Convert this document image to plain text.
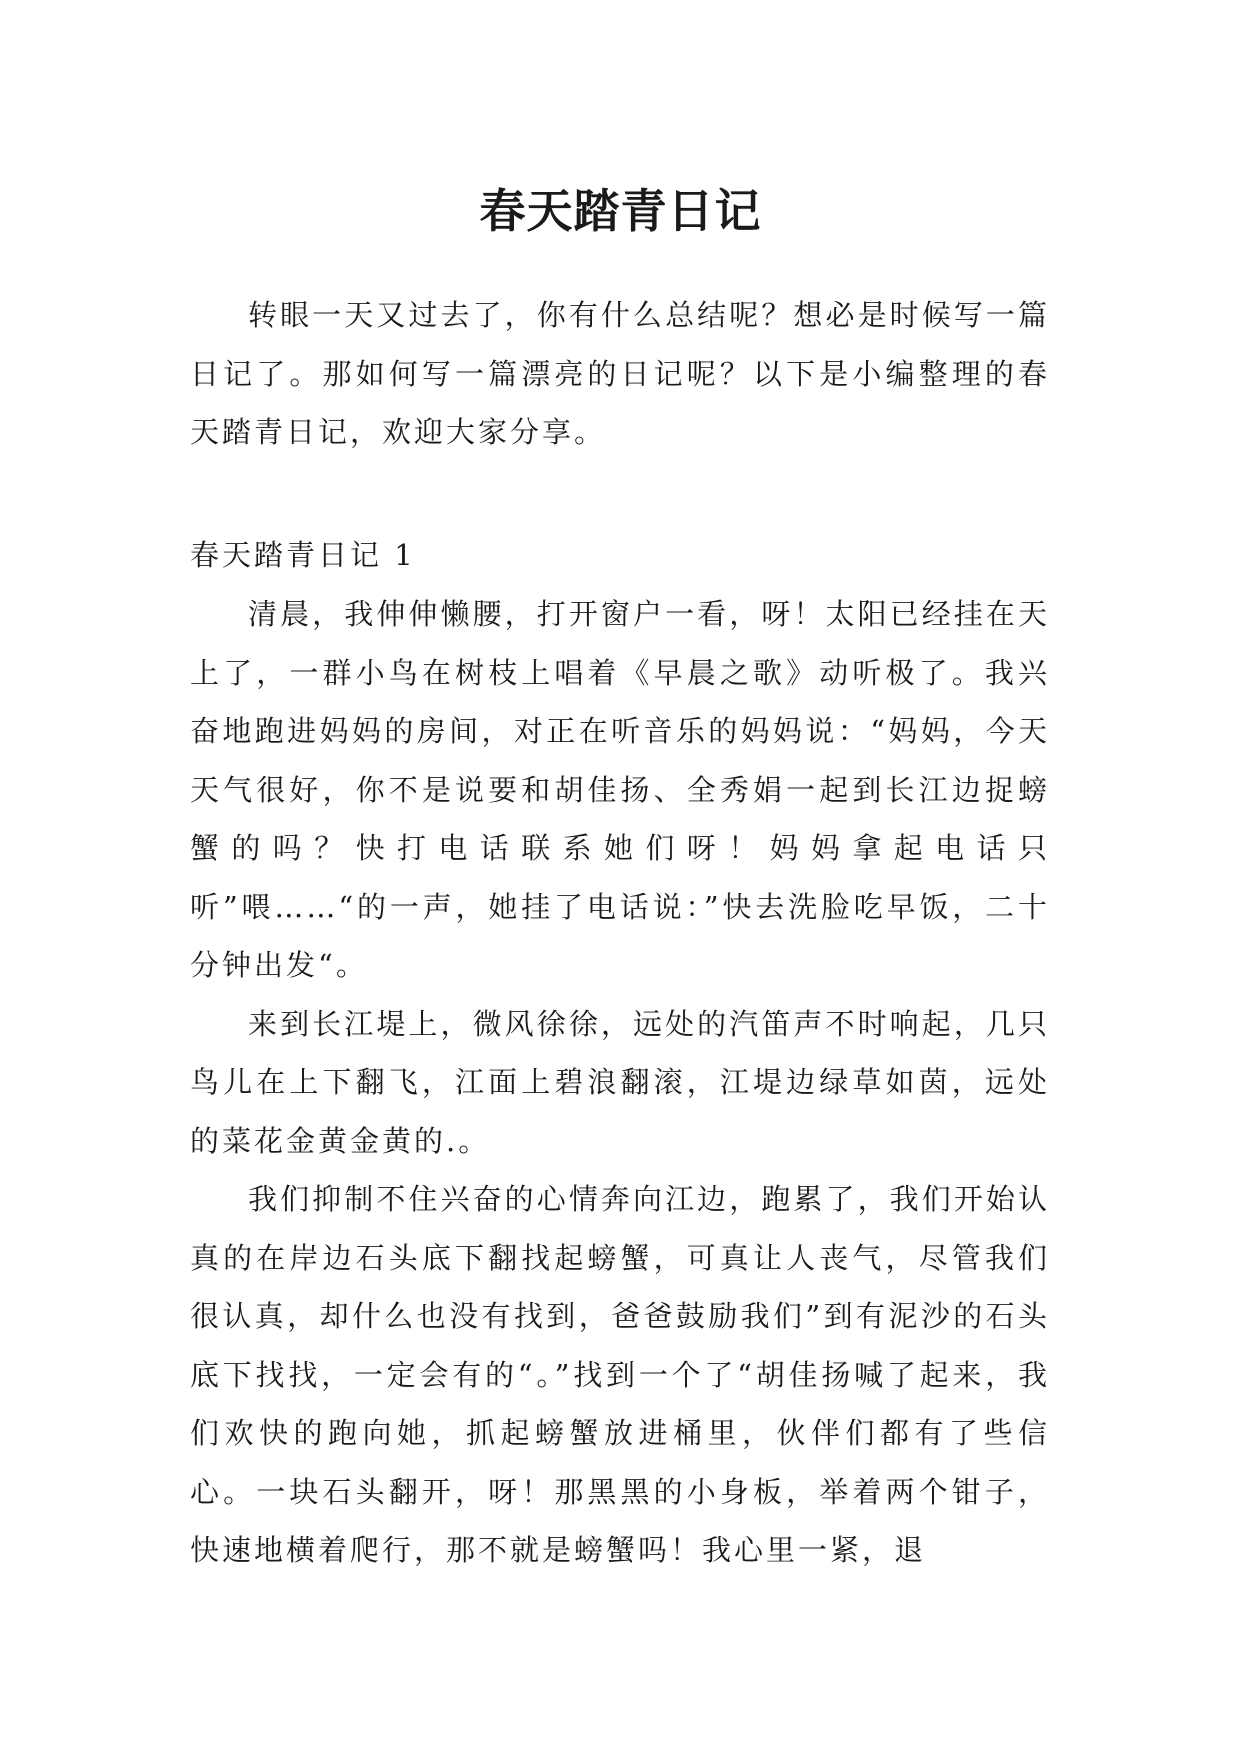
春天踏青日记

转眼一天又过去了，你有什么总结呢？想必是时候写一篇日记了。那如何写一篇漂亮的日记呢？以下是小编整理的春天踏青日记，欢迎大家分享。

春天踏青日记 1

清晨，我伸伸懒腰，打开窗户一看，呀！太阳已经挂在天上了，一群小鸟在树枝上唱着《早晨之歌》动听极了。我兴奋地跑进妈妈的房间，对正在听音乐的妈妈说：“妈妈，今天天气很好，你不是说要和胡佳扬、全秀娟一起到长江边捉螃蟹的吗？快打电话联系她们呀！妈妈拿起电话只听”喂……“的一声，她挂了电话说：”快去洗脸吃早饭，二十分钟出发“。

来到长江堤上，微风徐徐，远处的汽笛声不时响起，几只鸟儿在上下翻飞，江面上碧浪翻滚，江堤边绿草如茵，远处的菜花金黄金黄的.。

我们抑制不住兴奋的心情奔向江边，跑累了，我们开始认真的在岸边石头底下翻找起螃蟹，可真让人丧气，尽管我们很认真，却什么也没有找到，爸爸鼓励我们”到有泥沙的石头底下找找，一定会有的“。”找到一个了“胡佳扬喊了起来，我们欢快的跑向她，抓起螃蟹放进桶里，伙伴们都有了些信心。一块石头翻开，呀！那黑黑的小身板，举着两个钳子，快速地横着爬行，那不就是螃蟹吗！我心里一紧，退
